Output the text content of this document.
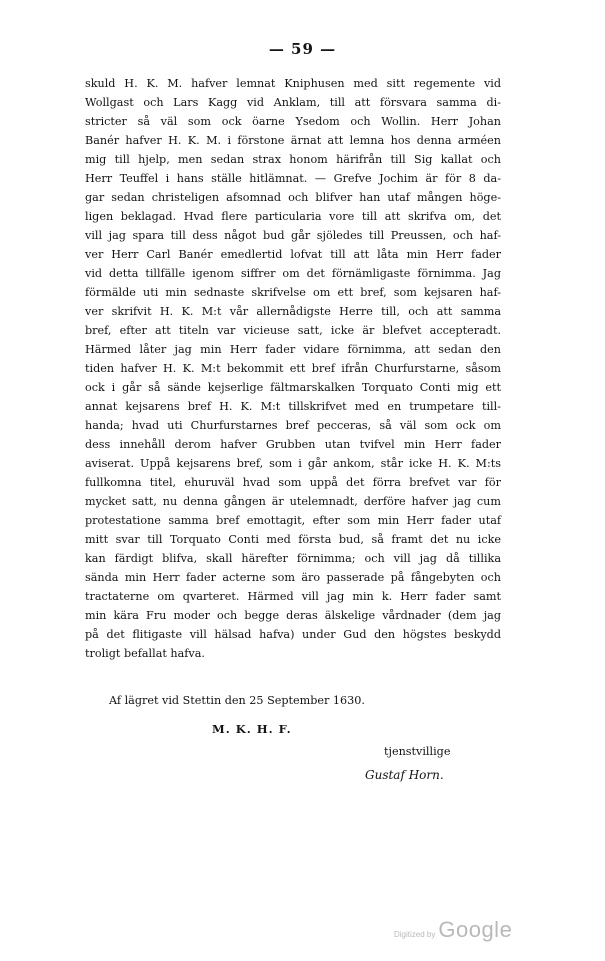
— 59 —
skuld H. K. M. hafver lemnat Kniphusen med sitt regemente vid
Wollgast och Lars Kagg vid Anklam, till att försvara samma di-
stricter så väl som ock öarne Ysedom och Wollin. Herr Johan
Banér hafver H. K. M. i förstone ärnat att lemna hos denna arméen
mig till hjelp, men sedan strax honom härifrån till Sig kallat och
Herr Teuffel i hans ställe hitlämnat. — Grefve Jochim är för 8 da-
gar sedan christeligen afsomnad och blifver han utaf mången höge-
ligen beklagad. Hvad flere particularia vore till att skrifva om, det
vill jag spara till dess något bud går sjöledes till Preussen, och haf-
ver Herr Carl Banér emedlertid lofvat till att låta min Herr fader
vid detta tillfälle igenom siffrer om det förnämligaste förnimma. Jag
förmälde uti min sednaste skrifvelse om ett bref, som kejsaren haf-
ver skrifvit H. K. M:t vår allernådigste Herre till, och att samma
bref, efter att titeln var vicieuse satt, icke är blefvet accepteradt.
Härmed låter jag min Herr fader vidare förnimma, att sedan den
tiden hafver H. K. M:t bekommit ett bref ifrån Churfurstarne, såsom
ock i går så sände kejserlige fältmarskalken Torquato Conti mig ett
annat kejsarens bref H. K. M:t tillskrifvet med en trumpetare till-
handa; hvad uti Churfurstarnes bref pecceras, så väl som ock om
dess innehåll derom hafver Grubben utan tvifvel min Herr fader
aviserat. Uppå kejsarens bref, som i går ankom, står icke H. K. M:ts
fullkomna titel, ehuruväl hvad som uppå det förra brefvet var för
mycket satt, nu denna gången är utelemnadt, derföre hafver jag cum
protestatione samma bref emottagit, efter som min Herr fader utaf
mitt svar till Torquato Conti med första bud, så framt det nu icke
kan färdigt blifva, skall härefter förnimma; och vill jag då tillika
sända min Herr fader acterne som äro passerade på fångebyten och
tractaterne om qvarteret. Härmed vill jag min k. Herr fader samt
min kära Fru moder och begge deras älskelige vårdnader (dem jag
på det flitigaste vill hälsad hafva) under Gud den högstes beskydd
troligt befallat hafva.
Af lägret vid Stettin den 25 September 1630.
M. K. H. F.
tjenstvillige
Gustaf Horn.
Digitized by Google
